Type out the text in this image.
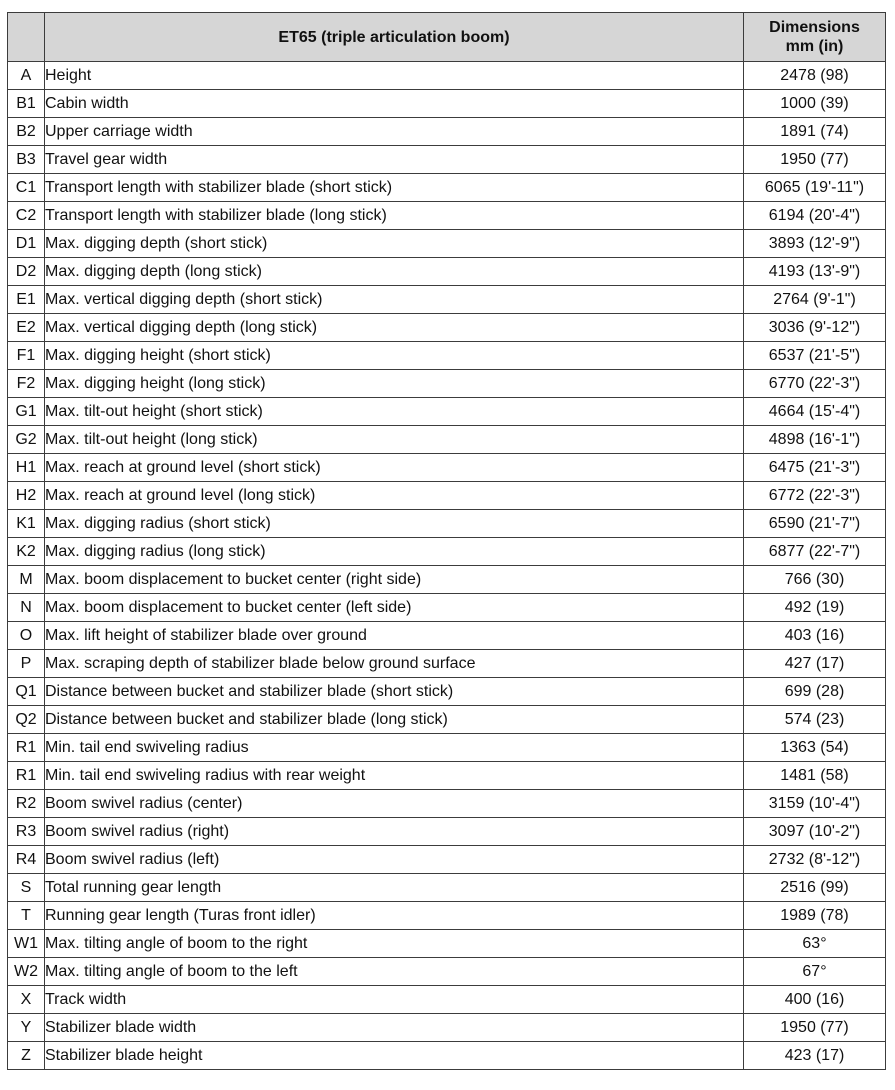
	ET65 (triple articulation boom)	Dimensions
mm (in)
A	Height	2478 (98)
B1	Cabin width	1000 (39)
B2	Upper carriage width	1891 (74)
B3	Travel gear width	1950 (77)
C1	Transport length with stabilizer blade (short stick)	6065 (19'-11")
C2	Transport length with stabilizer blade (long stick)	6194 (20'-4")
D1	Max. digging depth (short stick)	3893 (12'-9")
D2	Max. digging depth (long stick)	4193 (13'-9")
E1	Max. vertical digging depth (short stick)	2764 (9'-1")
E2	Max. vertical digging depth (long stick)	3036 (9'-12")
F1	Max. digging height (short stick)	6537 (21'-5")
F2	Max. digging height (long stick)	6770 (22'-3")
G1	Max. tilt-out height (short stick)	4664 (15'-4")
G2	Max. tilt-out height (long stick)	4898 (16'-1")
H1	Max. reach at ground level (short stick)	6475 (21'-3")
H2	Max. reach at ground level (long stick)	6772 (22'-3")
K1	Max. digging radius (short stick)	6590 (21'-7")
K2	Max. digging radius (long stick)	6877 (22'-7")
M	Max. boom displacement to bucket center (right side)	766 (30)
N	Max. boom displacement to bucket center (left side)	492 (19)
O	Max. lift height of stabilizer blade over ground	403 (16)
P	Max. scraping depth of stabilizer blade below ground surface	427 (17)
Q1	Distance between bucket and stabilizer blade (short stick)	699 (28)
Q2	Distance between bucket and stabilizer blade (long stick)	574 (23)
R1	Min. tail end swiveling radius	1363 (54)
R1	Min. tail end swiveling radius with rear weight	1481 (58)
R2	Boom swivel radius (center)	3159 (10'-4")
R3	Boom swivel radius (right)	3097 (10'-2")
R4	Boom swivel radius (left)	2732 (8'-12")
S	Total running gear length	2516 (99)
T	Running gear length (Turas front idler)	1989 (78)
W1	Max. tilting angle of boom to the right	63°
W2	Max. tilting angle of boom to the left	67°
X	Track width	400 (16)
Y	Stabilizer blade width	1950 (77)
Z	Stabilizer blade height	423 (17)
